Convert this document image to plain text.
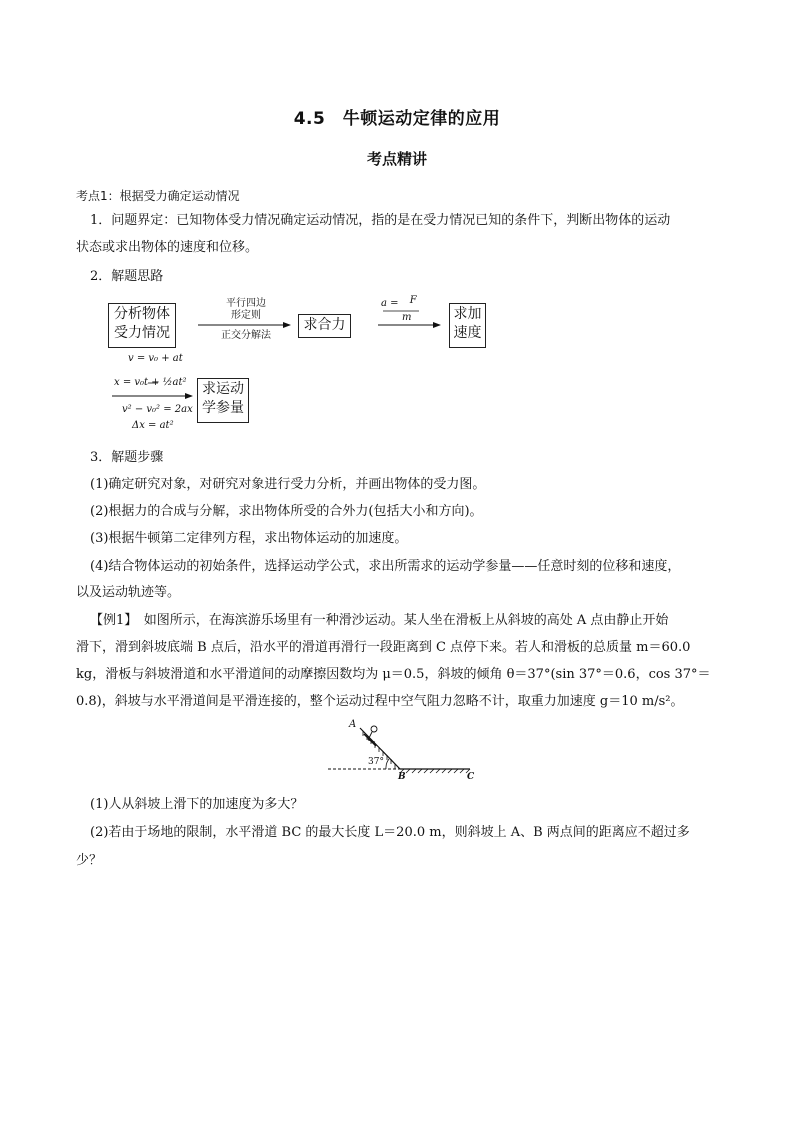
4.5　牛顿运动定律的应用
考点精讲
考点1：根据受力确定运动情况
1．问题界定：已知物体受力情况确定运动情况，指的是在受力情况已知的条件下，判断出物体的运动
状态或求出物体的速度和位移。
2．解题思路
分析物体
受力情况
平行四边
形定则
正交分解法
求合力
a = F
m	求加
速度
v = v₀ + at
x = v₀t + ½at²
v² − v₀² = 2ax
Δx = at²
求运动
学参量
3．解题步骤
(1)确定研究对象，对研究对象进行受力分析，并画出物体的受力图。
(2)根据力的合成与分解，求出物体所受的合外力(包括大小和方向)。
(3)根据牛顿第二定律列方程，求出物体运动的加速度。
(4)结合物体运动的初始条件，选择运动学公式，求出所需求的运动学参量——任意时刻的位移和速度，
以及运动轨迹等。
【例1】　如图所示，在海滨游乐场里有一种滑沙运动。某人坐在滑板上从斜坡的高处 A 点由静止开始
滑下，滑到斜坡底端 B 点后，沿水平的滑道再滑行一段距离到 C 点停下来。若人和滑板的总质量 m＝60.0
kg，滑板与斜坡滑道和水平滑道间的动摩擦因数均为 μ＝0.5，斜坡的倾角 θ＝37°(sin 37°＝0.6，cos 37°＝
0.8)，斜坡与水平滑道间是平滑连接的，整个运动过程中空气阻力忽略不计，取重力加速度 g＝10 m/s²。
A
B	C
37°
(1)人从斜坡上滑下的加速度为多大？
(2)若由于场地的限制，水平滑道 BC 的最大长度 L＝20.0 m，则斜坡上 A、B 两点间的距离应不超过多
少？
